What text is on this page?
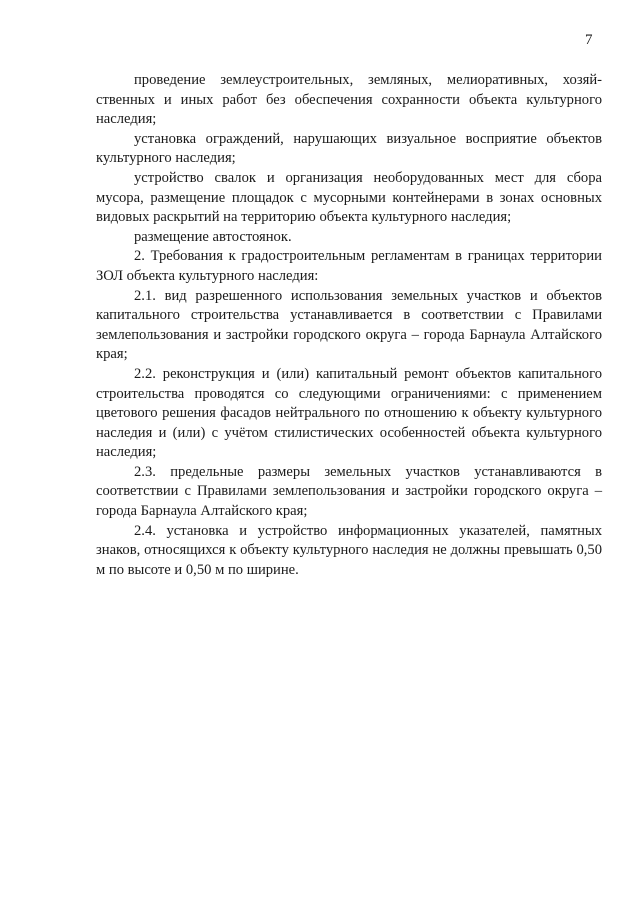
7

проведение землеустроительных, земляных, мелиоративных, хозяй-ственных и иных работ без обеспечения сохранности объекта культурного наследия;

установка ограждений, нарушающих визуальное восприятие объектов культурного наследия;

устройство свалок и организация необорудованных мест для сбора мусора, размещение площадок с мусорными контейнерами в зонах основных видовых раскрытий на территорию объекта культурного наследия;

размещение автостоянок.

2. Требования к градостроительным регламентам в границах территории ЗОЛ объекта культурного наследия:

2.1. вид разрешенного использования земельных участков и объектов капитального строительства устанавливается в соответствии с Правилами землепользования и застройки городского округа – города Барнаула Алтайского края;

2.2. реконструкция и (или) капитальный ремонт объектов капитального строительства проводятся со следующими ограничениями: с применением цветового решения фасадов нейтрального по отношению к объекту культурного наследия и (или) с учётом стилистических особенностей объекта культурного наследия;

2.3. предельные размеры земельных участков устанавливаются в соответствии с Правилами землепользования и застройки городского округа – города Барнаула Алтайского края;

2.4. установка и устройство информационных указателей, памятных знаков, относящихся к объекту культурного наследия не должны превышать 0,50 м по высоте и 0,50 м по ширине.
